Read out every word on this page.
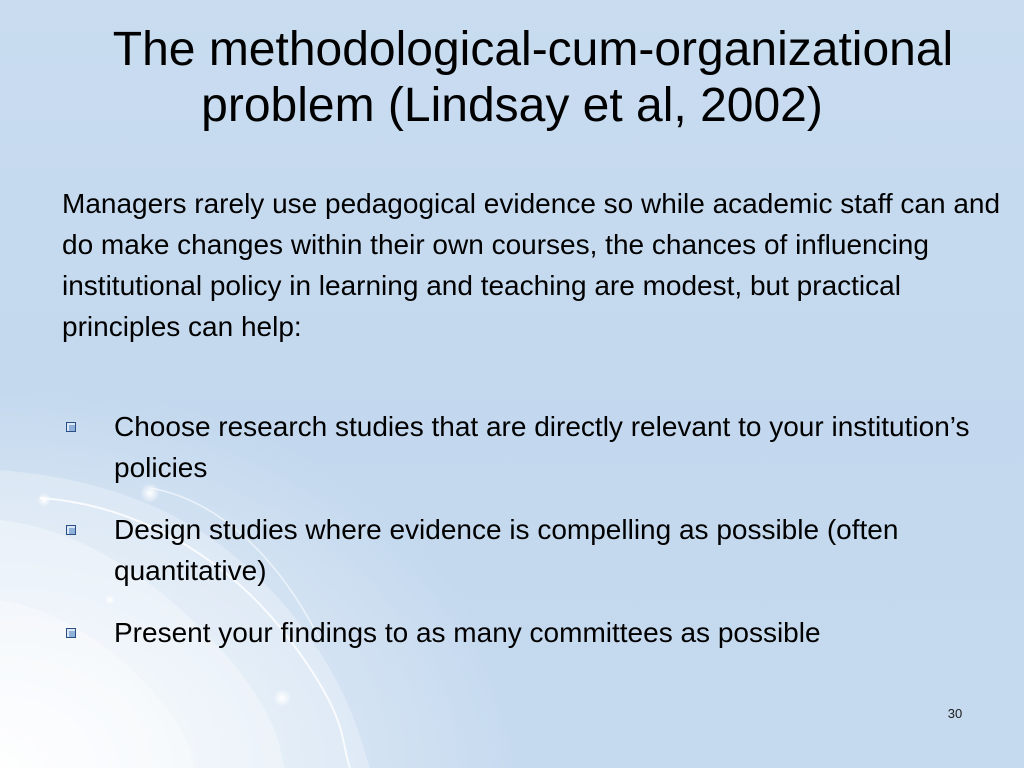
The methodological-cum-organizational
problem (Lindsay et al, 2002)

Managers rarely use pedagogical evidence so while academic staff can and do make changes within their own courses, the chances of influencing institutional policy in learning and teaching are modest, but practical principles can help:

Choose research studies that are directly relevant to your institution’s policies
Design studies where evidence is compelling as possible (often quantitative)
Present your findings to as many committees as possible
30
